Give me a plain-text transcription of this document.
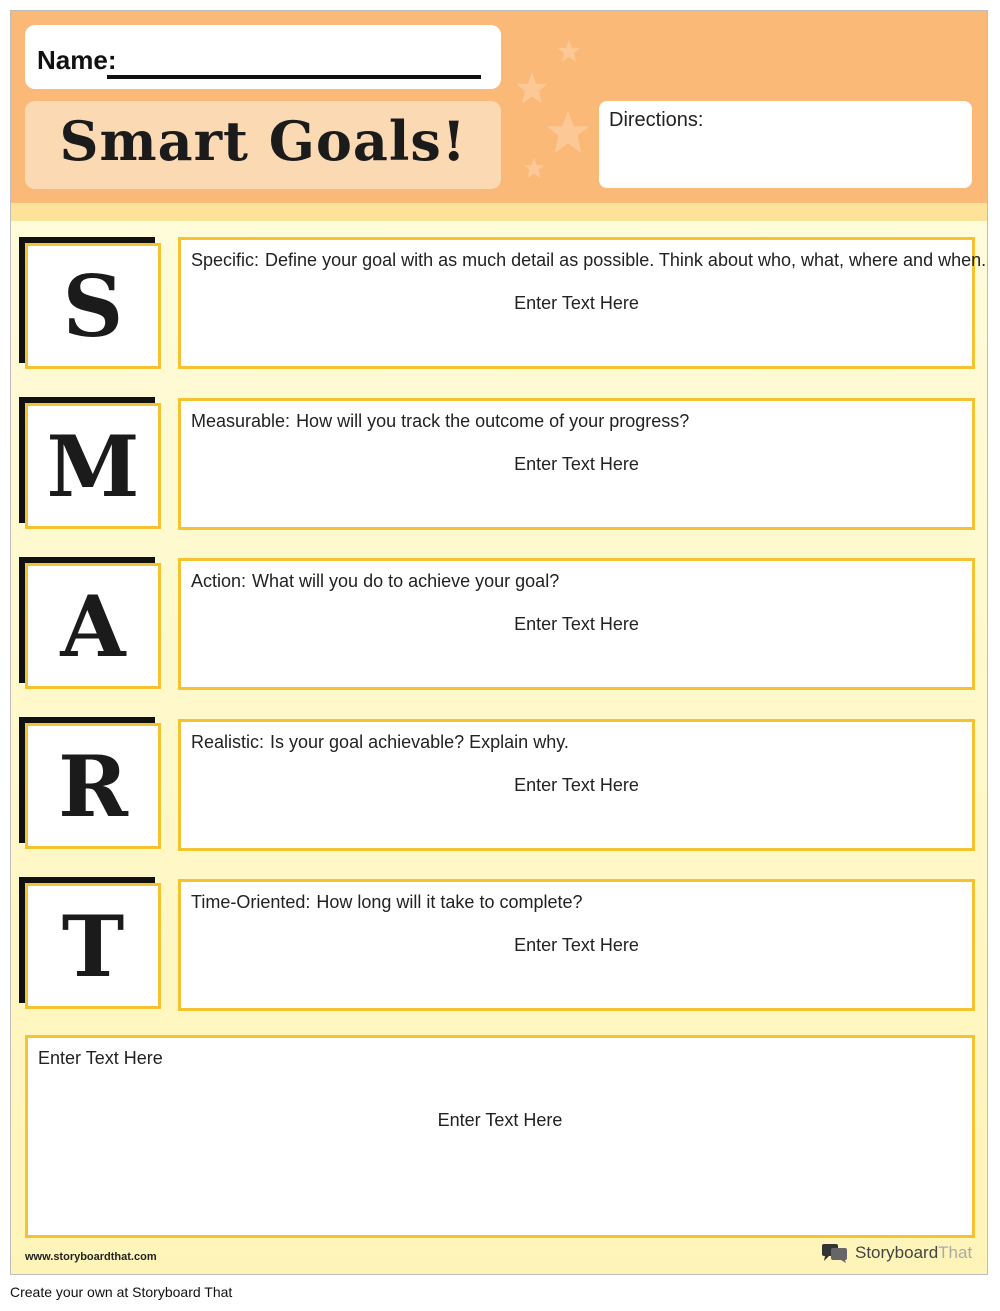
Name:
Smart Goals!	Directions:
S	Specific: Define your goal with as much detail as possible. Think about who, what, where and when.
Enter Text Here
M	Measurable: How will you track the outcome of your progress?
Enter Text Here
A	Action: What will you do to achieve your goal?
Enter Text Here
R	Realistic: Is your goal achievable? Explain why.
Enter Text Here
T	Time-Oriented: How long will it take to complete?
Enter Text Here
Enter Text Here
Enter Text Here
www.storyboardthat.com	StoryboardThat
Create your own at Storyboard That
